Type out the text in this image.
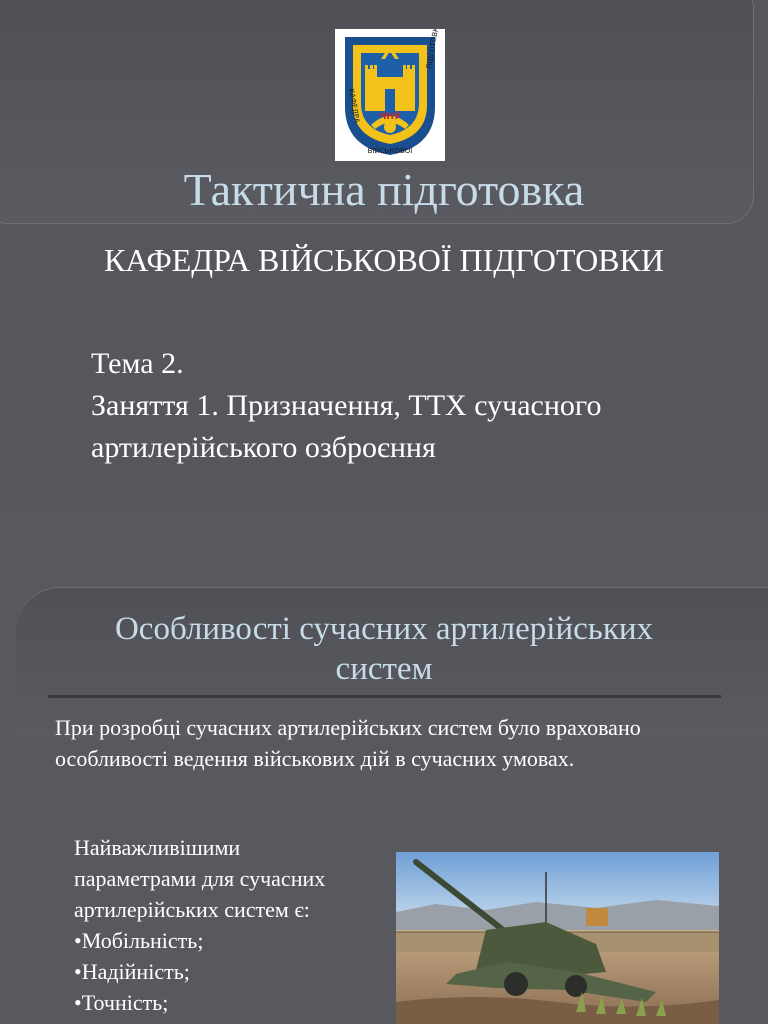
ЧНУ
КАФЕДРА
ПІДГОТОВКИ
ВІЙСЬКОВОЇ
Тактична підготовка
КАФЕДРА ВІЙСЬКОВОЇ ПІДГОТОВКИ
Тема 2.
Заняття 1. Призначення, ТТХ сучасного
артилерійського озброєння
Особливості сучасних артилерійських
систем
При розробці сучасних артилерійських систем було враховано
особливості ведення військових дій в сучасних умовах.
Найважливішими
параметрами для сучасних
артилерійських систем є:
•Мобільність;
•Надійність;
•Точність;
